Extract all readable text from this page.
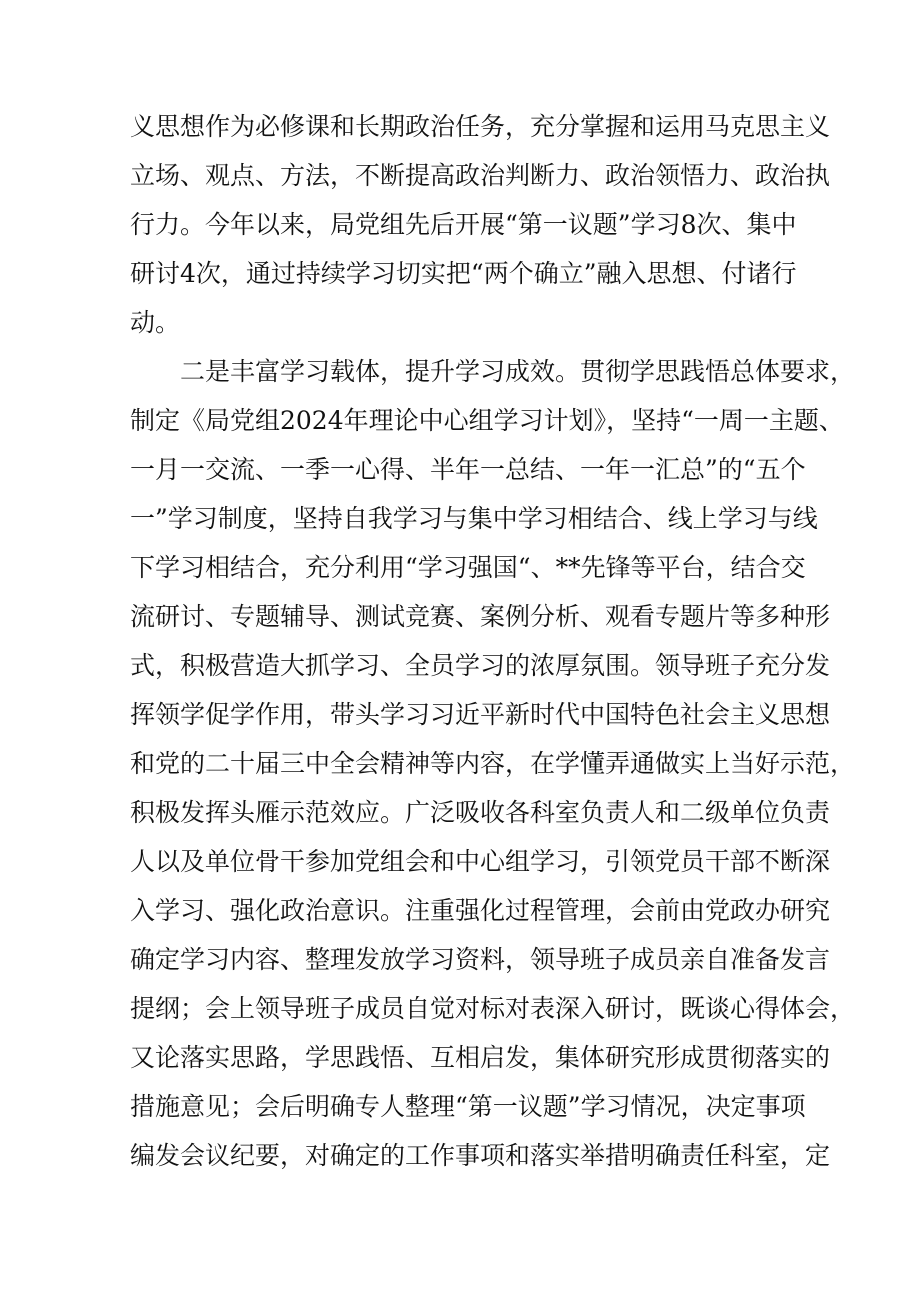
义思想作为必修课和长期政治任务，充分掌握和运用马克思主义
立场、观点、方法，不断提高政治判断力、政治领悟力、政治执
行力。今年以来，局党组先后开展“第一议题”学习8次、集中
研讨4次，通过持续学习切实把“两个确立”融入思想、付诸行
动。
二是丰富学习载体，提升学习成效。贯彻学思践悟总体要求，
制定《局党组2024年理论中心组学习计划》，坚持“一周一主题、
一月一交流、一季一心得、半年一总结、一年一汇总”的“五个
一”学习制度，坚持自我学习与集中学习相结合、线上学习与线
下学习相结合，充分利用“学习强国“、**先锋等平台，结合交
流研讨、专题辅导、测试竞赛、案例分析、观看专题片等多种形
式，积极营造大抓学习、全员学习的浓厚氛围。领导班子充分发
挥领学促学作用，带头学习习近平新时代中国特色社会主义思想
和党的二十届三中全会精神等内容，在学懂弄通做实上当好示范，
积极发挥头雁示范效应。广泛吸收各科室负责人和二级单位负责
人以及单位骨干参加党组会和中心组学习，引领党员干部不断深
入学习、强化政治意识。注重强化过程管理，会前由党政办研究
确定学习内容、整理发放学习资料，领导班子成员亲自准备发言
提纲；会上领导班子成员自觉对标对表深入研讨，既谈心得体会，
又论落实思路，学思践悟、互相启发，集体研究形成贯彻落实的
措施意见；会后明确专人整理“第一议题”学习情况，决定事项
编发会议纪要，对确定的工作事项和落实举措明确责任科室，定
